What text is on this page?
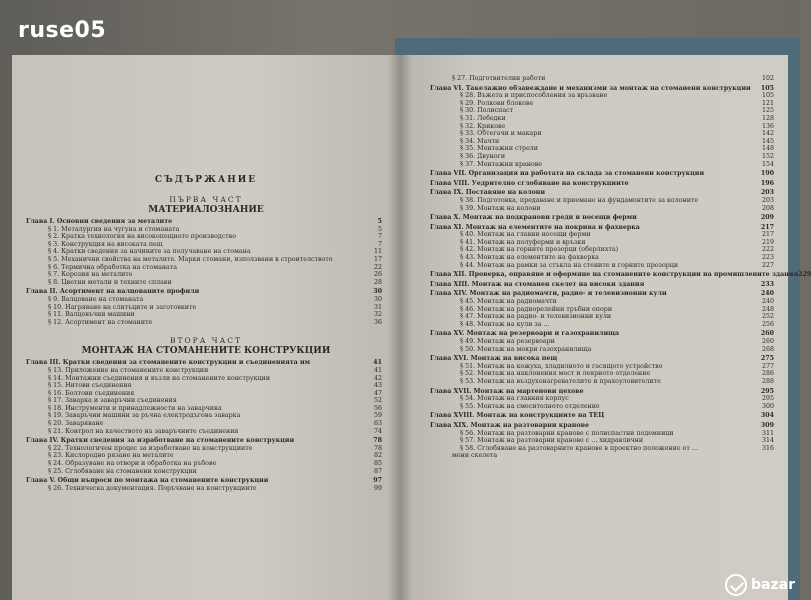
СЪДЪРЖАНИЕ
ПЪРВА ЧАСТ
МАТЕРИАЛОЗНАНИЕ
Глава I. Основни сведения за металите	5
§ 1. Металургия на чугуна и стоманата	5
§ 2. Кратка технология на високопещното производство	7
§ 3. Конструкция на високата пещ	7
§ 4. Кратки сведения за начините за получаване на стомана	11
§ 5. Механични свойства на металите. Марки стомани, използвани в строителството	17
§ 6. Термична обработка на стоманата	22
§ 7. Корозия на металите	26
§ 8. Цветни метали и техните сплави	28
Глава II. Асортимент на валцованите профили	30
§ 9. Валцоване на стоманата	30
§ 10. Нагряване на слитъците и заготовките	31
§ 11. Валцовъчни машини	32
§ 12. Асортимент на стоманите	36
ВТОРА ЧАСТ
МОНТАЖ НА СТОМАНЕНИТЕ КОНСТРУКЦИИ
Глава III. Кратки сведения за стоманените конструкции и съединенията им	41
§ 13. Приложение на стоманените конструкции	41
§ 14. Монтажни съединения и възли на стоманените конструкции	42
§ 15. Нитови съединения	43
§ 16. Болтови съединения	47
§ 17. Заварка и заваръчни съединения	52
§ 18. Инструменти и принадлежности на заварчика	56
§ 19. Заваръчни машини за ръчна електродъгова заварка	59
§ 20. Заваряване	63
§ 21. Контрол на качеството на заваръчните съединения	74
Глава IV. Кратки сведения за изработване на стоманените конструкции	78
§ 22. Технологичен процес за изработване на конструкциите	78
§ 23. Кислородно рязане на металите	82
§ 24. Образуване на отвори и обработка на ръбове	85
§ 25. Сглобяване на стоманени конструкции	87
Глава V. Общи въпроси по монтажа на стоманените конструкции	97
§ 26. Техническа документация. Поръчване на конструкциите	99
§ 27. Подготвителни работи	102
Глава VI. Такелажно обзавеждане и механизми за монтаж на стоманени конструкции	105
§ 28. Въжета и приспособления за връзване	105
§ 29. Ролкови блокове	121
§ 30. Полиспаст	125
§ 31. Лебедки	128
§ 32. Крикове	136
§ 33. Обтегачи и макари	142
§ 34. Мачти	145
§ 35. Монтажни стрели	148
§ 36. Двуноги	152
§ 37. Монтажни кранове	154
Глава VII. Организация на работата на склада за стоманени конструкции	190
Глава VIII. Уедрително сглобяване на конструкциите	196
Глава IX. Поставяне на колони	203
§ 38. Подготовка, предаване и приемане на фундаментите за колоните	203
§ 39. Монтаж на колони	208
Глава X. Монтаж на подкранови греди и носещи ферми	209
Глава XI. Монтаж на елементите на покрива и фахверка	217
§ 40. Монтаж на главни носещи ферми	217
§ 41. Монтаж на полуферми и връзки	219
§ 42. Монтаж на горните прозорци (оберлихта)	222
§ 43. Монтаж на елементите на фахверка	223
§ 44. Монтаж на рамки за стъкла на стените и горните прозорци	227
Глава XII. Проверка, оправяне и оформяне на стоманените конструкции на промишлените здания 229
Глава XIII. Монтаж на стоманен скелет на високи здания	233
Глава XIV. Монтаж на радиомачти, радио- и телевизионни кули	240
§ 45. Монтаж на радиомачти	240
§ 46. Монтаж на радиорелейни тръбни опори	248
§ 47. Монтаж на радио- и телевизионни кули	252
§ 48. Монтаж на кули за ...	256
Глава XV. Монтаж на резервоари и газохранилища	260
§ 49. Монтаж на резервоари	260
§ 50. Монтаж на мокри газохранилища	268
Глава XVI. Монтаж на висока пещ	275
§ 51. Монтаж на кожуха, хладилното и гасящото устройство	277
§ 52. Монтаж на наклонения мост и леярното отделение	286
§ 53. Монтаж на въздухонагревателите и прахоуловителите	288
Глава XVII. Монтаж на мартенови цехове	295
§ 54. Монтаж на главния корпус	295
§ 55. Монтаж на смесителното отделение	300
Глава XVIII. Монтаж на конструкциите на ТЕЦ	304
Глава XIX. Монтаж на разтоварни кранове	309
§ 56. Монтаж на разтоварни кранове с полиспастни подемници	311
§ 57. Монтаж на разтоварни кранове с ... хидравлични	314
§ 58. Сглобяване на разтоварните кранове в проектно положение от ...	316
мени скелета
ruse05
bazar
